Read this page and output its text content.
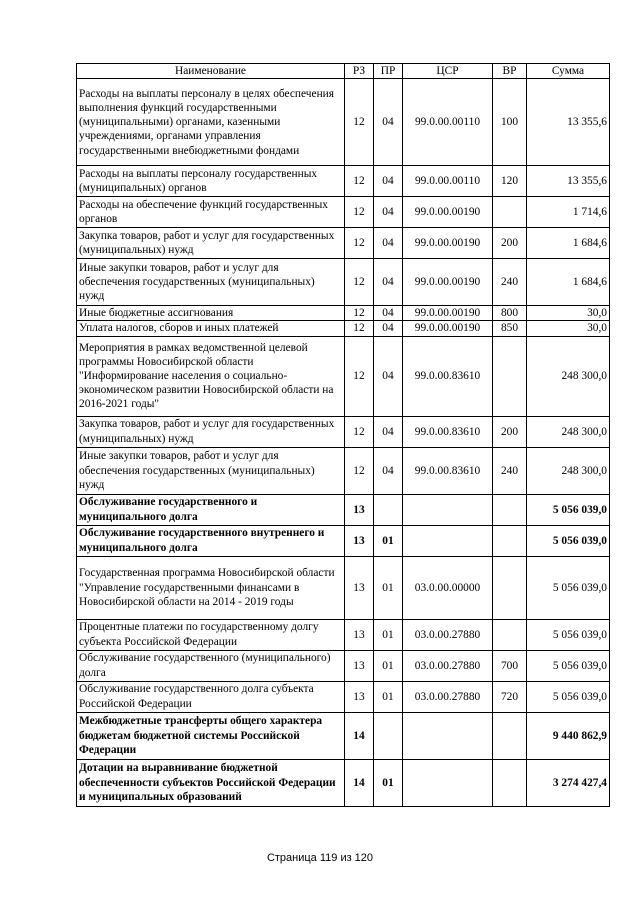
Наименование	РЗ	ПР	ЦСР	ВР	Сумма
Расходы на выплаты персоналу в целях обеспечения выполнения функций государственными (муниципальными) органами, казенными учреждениями, органами управления государственными внебюджетными фондами	12	04	99.0.00.00110	100	13 355,6
Расходы на выплаты персоналу государственных (муниципальных) органов	12	04	99.0.00.00110	120	13 355,6
Расходы на обеспечение функций государственных органов	12	04	99.0.00.00190		1 714,6
Закупка товаров, работ и услуг для государственных (муниципальных) нужд	12	04	99.0.00.00190	200	1 684,6
Иные закупки товаров, работ и услуг для обеспечения государственных (муниципальных) нужд	12	04	99.0.00.00190	240	1 684,6
Иные бюджетные ассигнования	12	04	99.0.00.00190	800	30,0
Уплата налогов, сборов и иных платежей	12	04	99.0.00.00190	850	30,0
Мероприятия в рамках ведомственной целевой программы Новосибирской области "Информирование населения о социально-экономическом развитии Новосибирской области на 2016-2021 годы"	12	04	99.0.00.83610		248 300,0
Закупка товаров, работ и услуг для государственных (муниципальных) нужд	12	04	99.0.00.83610	200	248 300,0
Иные закупки товаров, работ и услуг для обеспечения государственных (муниципальных) нужд	12	04	99.0.00.83610	240	248 300,0
Обслуживание государственного и муниципального долга	13				5 056 039,0
Обслуживание государственного внутреннего и муниципального долга	13	01			5 056 039,0
Государственная программа Новосибирской области "Управление государственными финансами в Новосибирской области на 2014 - 2019 годы	13	01	03.0.00.00000		5 056 039,0
Процентные платежи по государственному долгу субъекта Российской Федерации	13	01	03.0.00.27880		5 056 039,0
Обслуживание государственного (муниципального) долга	13	01	03.0.00.27880	700	5 056 039,0
Обслуживание государственного долга субъекта Российской Федерации	13	01	03.0.00.27880	720	5 056 039,0
Межбюджетные трансферты общего характера бюджетам бюджетной системы Российской Федерации	14				9 440 862,9
Дотации на выравнивание бюджетной обеспеченности субъектов Российской Федерации и муниципальных образований	14	01			3 274 427,4
Страница 119 из 120
